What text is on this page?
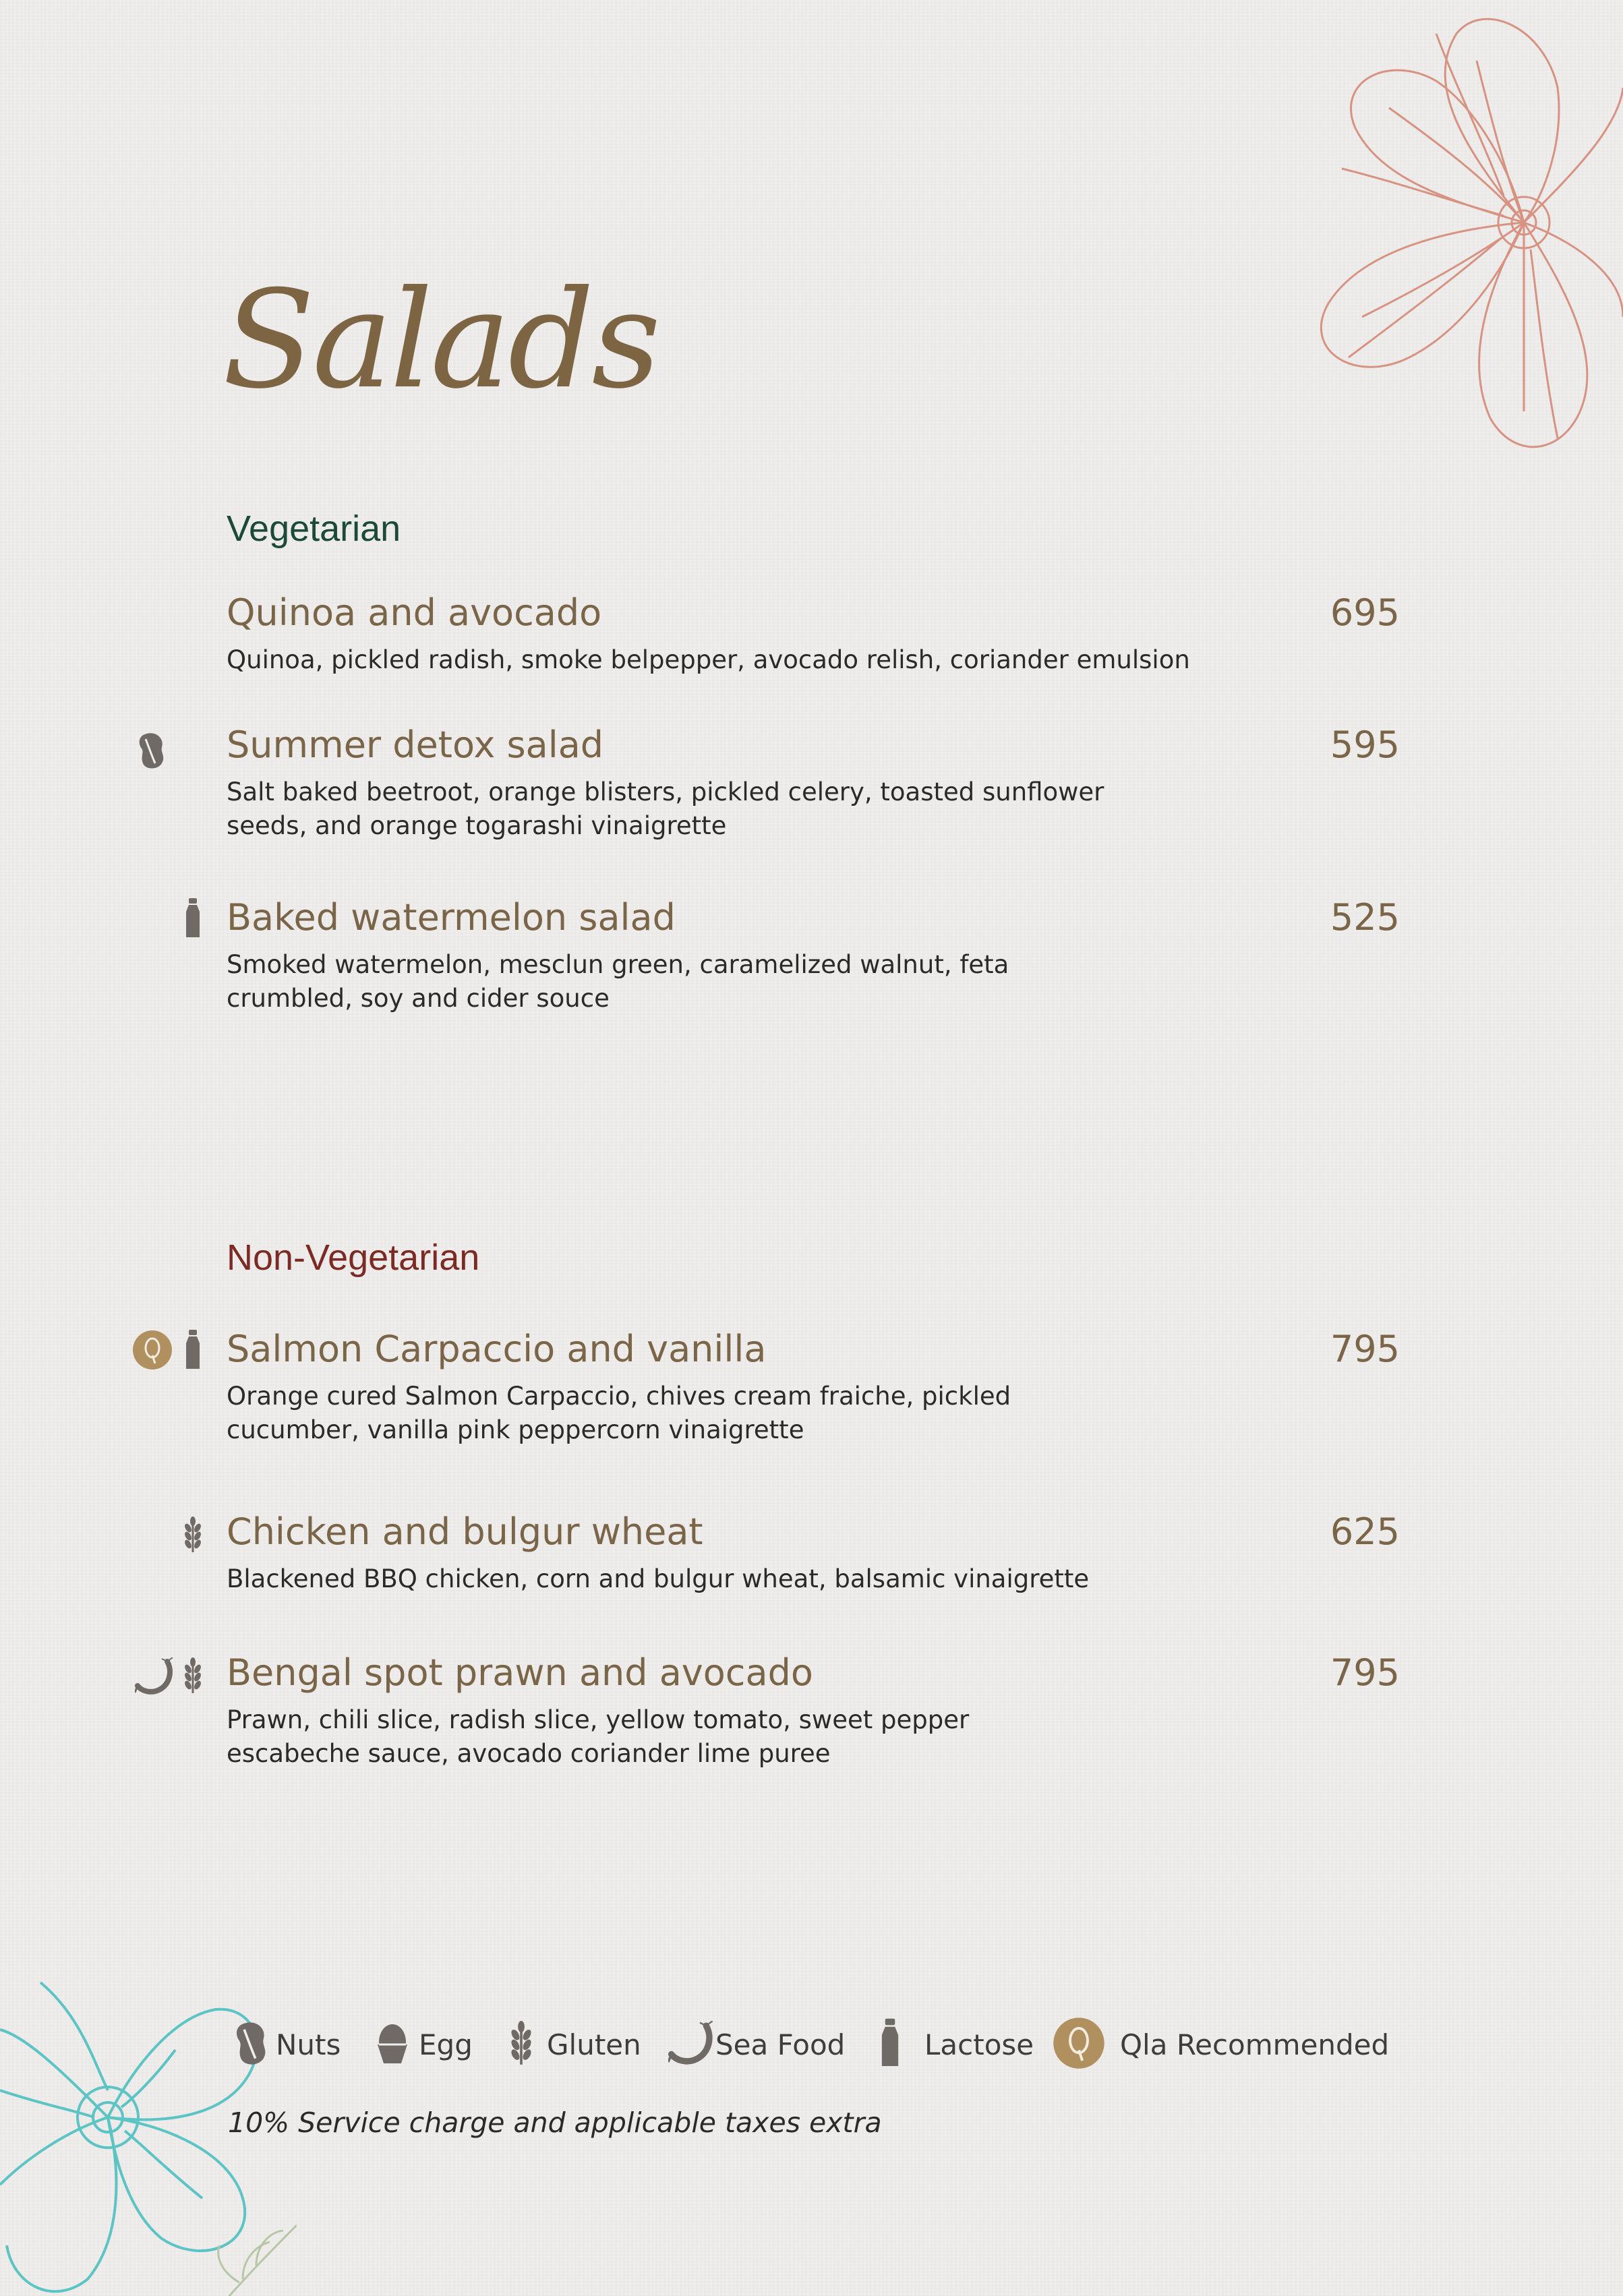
Salads
Vegetarian
Non-Vegetarian
Quinoa and avocado	695
Quinoa, pickled radish, smoke belpepper, avocado relish, coriander emulsion
Summer detox salad	595
Salt baked beetroot, orange blisters, pickled celery, toasted sunflower seeds, and orange togarashi vinaigrette
Baked watermelon salad	525
Smoked watermelon, mesclun green, caramelized walnut, feta crumbled, soy and cider souce
Salmon Carpaccio and vanilla	795
Orange cured Salmon Carpaccio, chives cream fraiche, pickled cucumber, vanilla pink peppercorn vinaigrette
Chicken and bulgur wheat	625
Blackened BBQ chicken, corn and bulgur wheat, balsamic vinaigrette
Bengal spot prawn and avocado	795
Prawn, chili slice, radish slice, yellow tomato, sweet pepper escabeche sauce, avocado coriander lime puree
Nuts	Egg	Gluten	Sea Food	Lactose	Qla Recommended
10% Service charge and applicable taxes extra
